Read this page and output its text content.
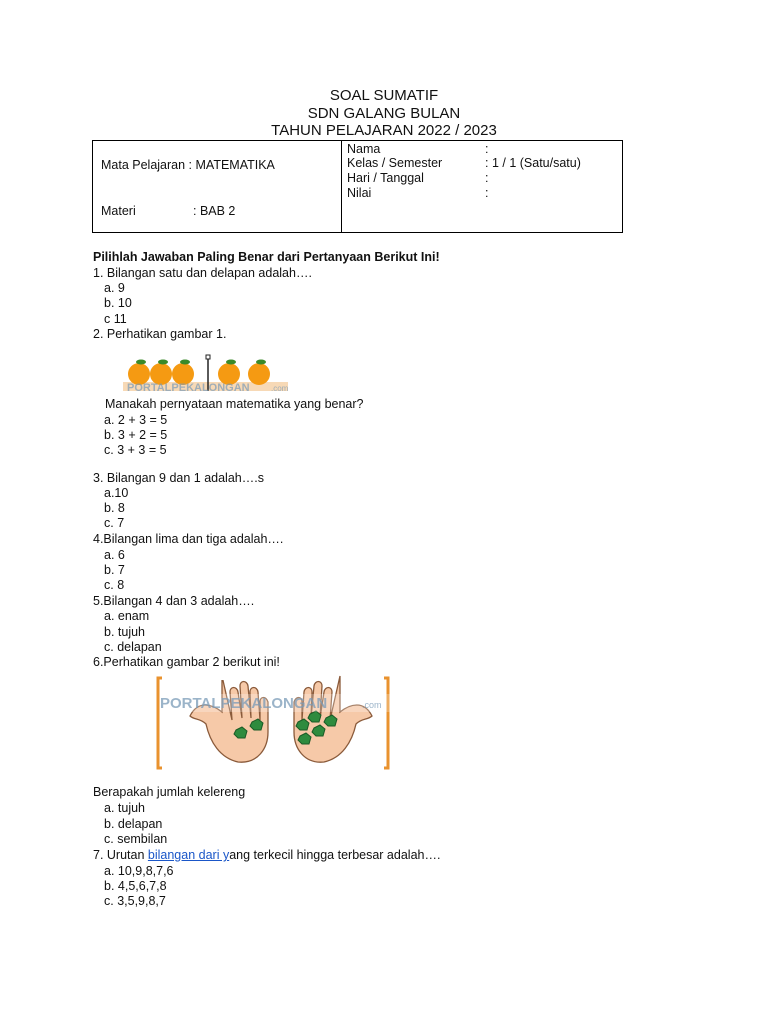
SOAL SUMATIF
SDN GALANG BULAN
TAHUN PELAJARAN 2022 / 2023
Mata Pelajaran : MATEMATIKA
Materi	: BAB 2
Nama	:
Kelas / Semester	: 1 / 1 (Satu/satu)
Hari / Tanggal	:
Nilai	:
Pilihlah Jawaban Paling Benar dari Pertanyaan Berikut Ini!
1. Bilangan satu dan delapan adalah….
a. 9
b. 10
c 11
2. Perhatikan gambar 1.
PORTALPEKALONGAN	.com
Manakah pernyataan matematika yang benar?
a. 2 + 3 = 5
b. 3 + 2 = 5
c. 3 + 3 = 5
3. Bilangan 9 dan 1 adalah….s
a.10
b. 8
c. 7
4.Bilangan lima dan tiga adalah….
a. 6
b. 7
c. 8
5.Bilangan 4 dan 3 adalah….
a. enam
b. tujuh
c. delapan
6.Perhatikan gambar 2 berikut ini!
PORTALPEKALONGAN	.com
Berapakah jumlah kelereng
a. tujuh
b. delapan
c. sembilan
7. Urutan bilangan dari yang terkecil hingga terbesar adalah….
a. 10,9,8,7,6
b. 4,5,6,7,8
c. 3,5,9,8,7
